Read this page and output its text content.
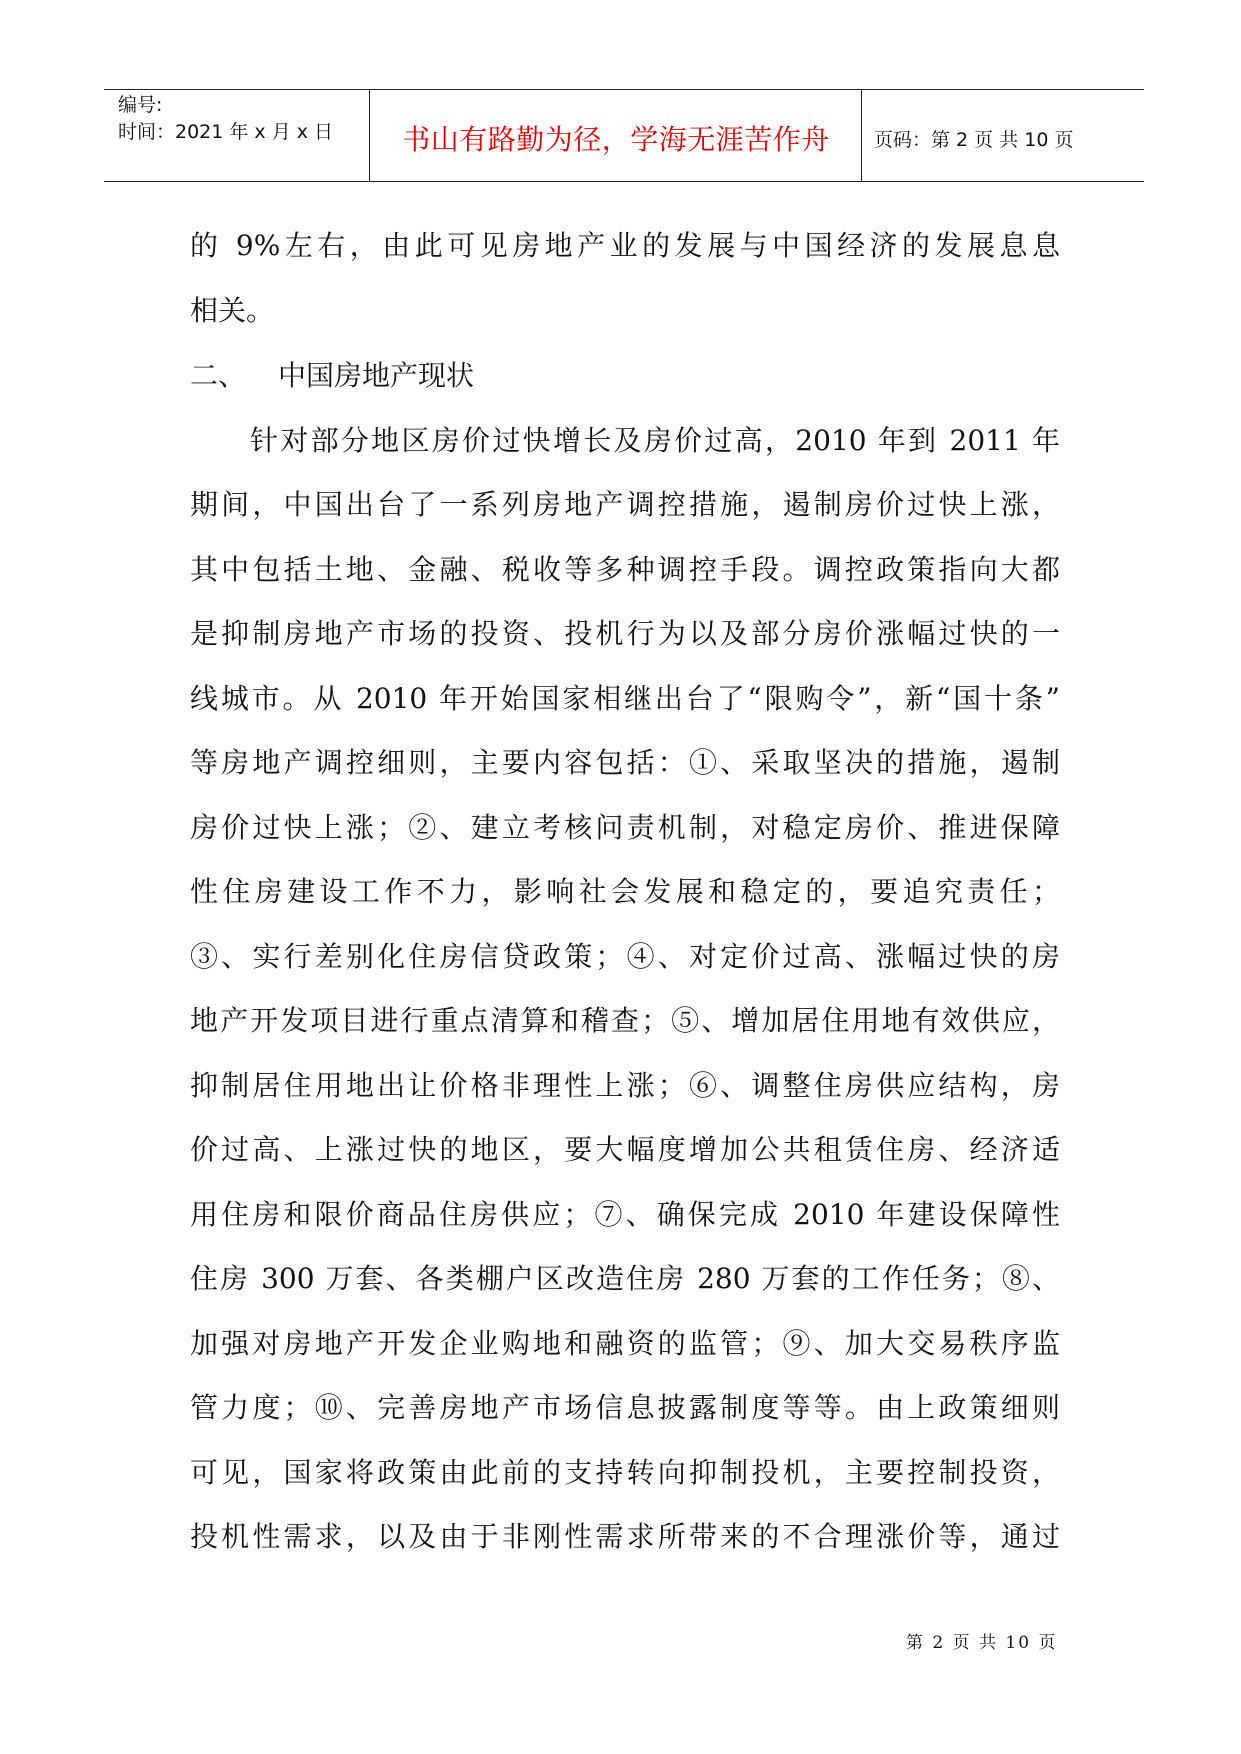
编号:
时间：2021 年 x 月 x 日	书山有路勤为径，学海无涯苦作舟	页码：第 2 页 共 10 页
的 9%左右，由此可见房地产业的发展与中国经济的发展息息
相关。
二、 中国房地产现状
针对部分地区房价过快增长及房价过高，2010 年到 2011 年
期间，中国出台了一系列房地产调控措施，遏制房价过快上涨，
其中包括土地、金融、税收等多种调控手段。调控政策指向大都
是抑制房地产市场的投资、投机行为以及部分房价涨幅过快的一
线城市。从 2010 年开始国家相继出台了“限购令”，新“国十条”
等房地产调控细则，主要内容包括：①、采取坚决的措施，遏制
房价过快上涨；②、建立考核问责机制，对稳定房价、推进保障
性住房建设工作不力，影响社会发展和稳定的，要追究责任；
③、实行差别化住房信贷政策；④、对定价过高、涨幅过快的房
地产开发项目进行重点清算和稽查；⑤、增加居住用地有效供应，
抑制居住用地出让价格非理性上涨；⑥、调整住房供应结构，房
价过高、上涨过快的地区，要大幅度增加公共租赁住房、经济适
用住房和限价商品住房供应；⑦、确保完成 2010 年建设保障性
住房 300 万套、各类棚户区改造住房 280 万套的工作任务；⑧、
加强对房地产开发企业购地和融资的监管；⑨、加大交易秩序监
管力度；⑩、完善房地产市场信息披露制度等等。由上政策细则
可见，国家将政策由此前的支持转向抑制投机，主要控制投资，
投机性需求，以及由于非刚性需求所带来的不合理涨价等，通过
第 2 页 共 10 页
